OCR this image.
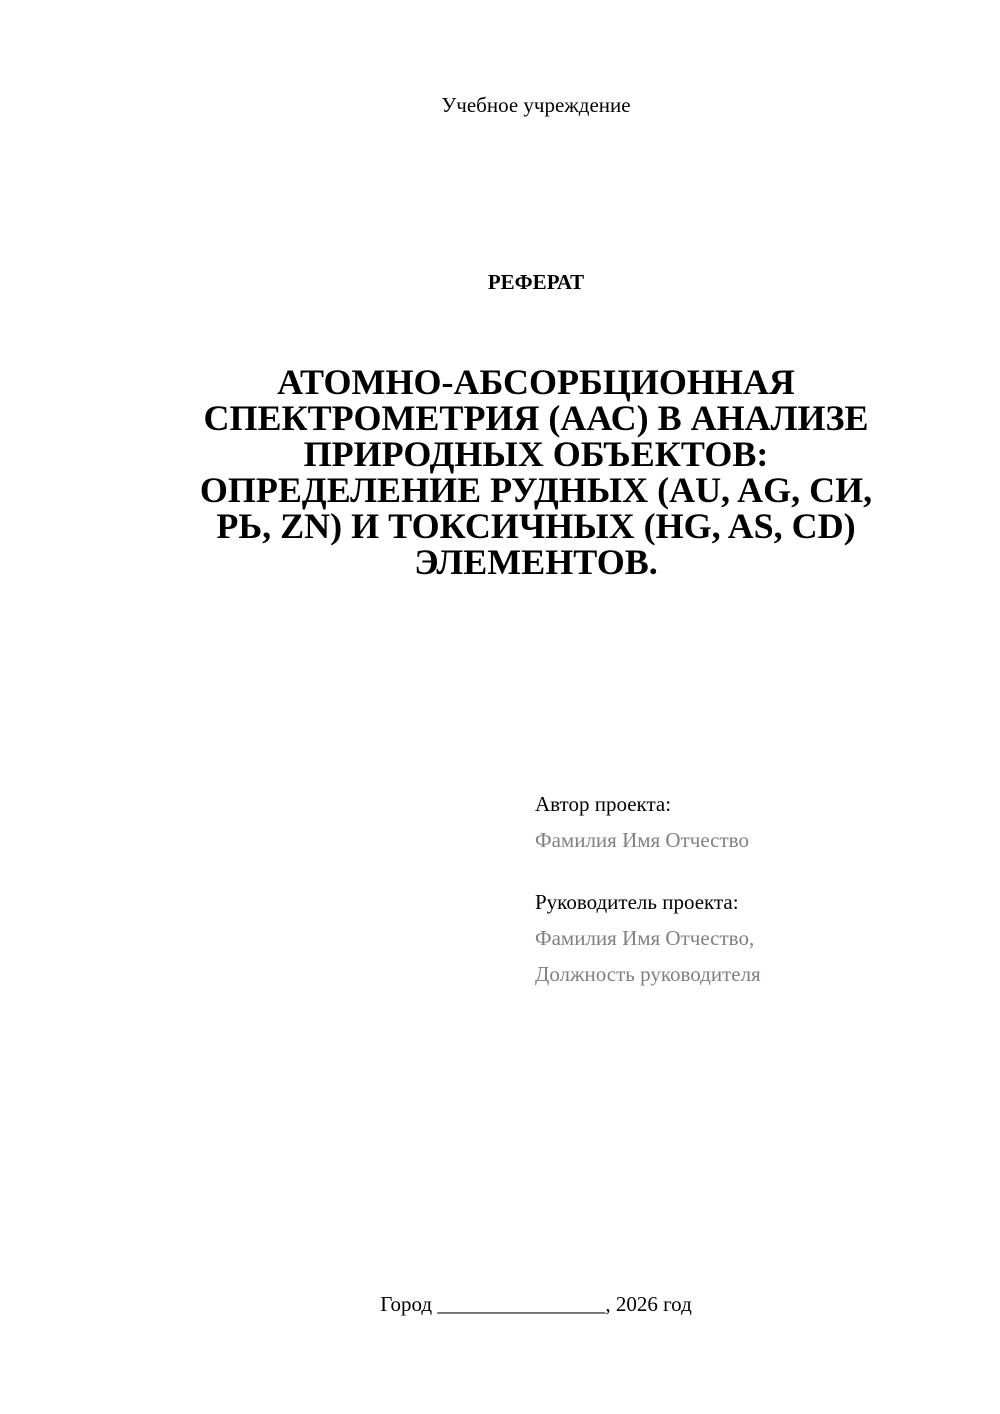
Учебное учреждение
РЕФЕРАТ
АТОМНО-АБСОРБЦИОННАЯ
СПЕКТРОМЕТРИЯ (ААС) В АНАЛИЗЕ
ПРИРОДНЫХ ОБЪЕКТОВ:
ОПРЕДЕЛЕНИЕ РУДНЫХ (AU, AG, СИ,
РЬ, ZN) И ТОКСИЧНЫХ (HG, AS, CD)
ЭЛЕМЕНТОВ.
Автор проекта:
Фамилия Имя Отчество
Руководитель проекта:
Фамилия Имя Отчество,
Должность руководителя
Город ________________, 2026 год
